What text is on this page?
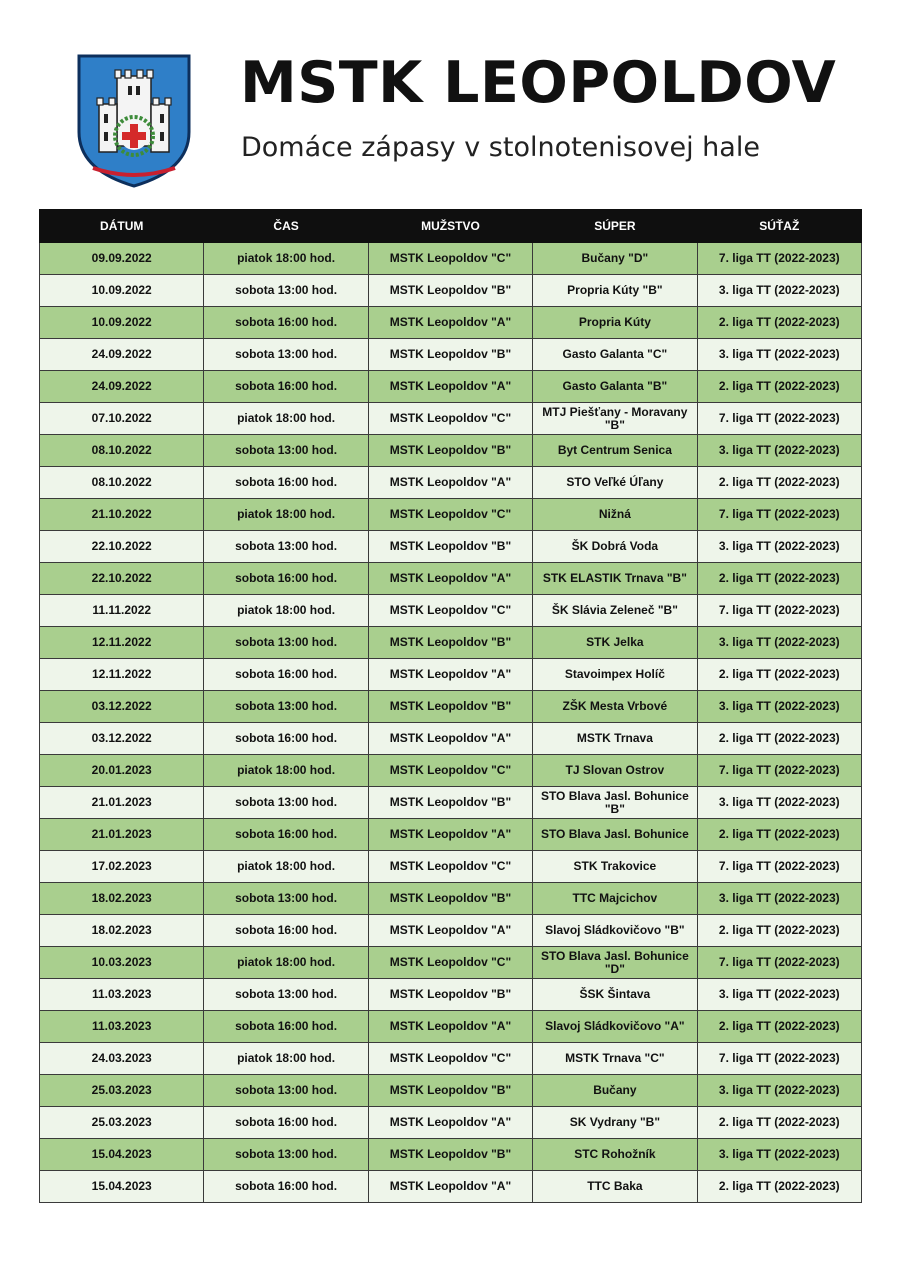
MSTK LEOPOLDOV

Domáce zápasy v stolnotenisovej hale

DÁTUM	ČAS	MUŽSTVO	SÚPER	SÚŤAŽ
09.09.2022	piatok 18:00 hod.	MSTK Leopoldov "C"	Bučany "D"	7. liga TT (2022-2023)
10.09.2022	sobota 13:00 hod.	MSTK Leopoldov "B"	Propria Kúty "B"	3. liga TT (2022-2023)
10.09.2022	sobota 16:00 hod.	MSTK Leopoldov "A"	Propria Kúty	2. liga TT (2022-2023)
24.09.2022	sobota 13:00 hod.	MSTK Leopoldov "B"	Gasto Galanta "C"	3. liga TT (2022-2023)
24.09.2022	sobota 16:00 hod.	MSTK Leopoldov "A"	Gasto Galanta "B"	2. liga TT (2022-2023)
07.10.2022	piatok 18:00 hod.	MSTK Leopoldov "C"	MTJ Piešťany - Moravany "B"	7. liga TT (2022-2023)
08.10.2022	sobota 13:00 hod.	MSTK Leopoldov "B"	Byt Centrum Senica	3. liga TT (2022-2023)
08.10.2022	sobota 16:00 hod.	MSTK Leopoldov "A"	STO Veľké Úľany	2. liga TT (2022-2023)
21.10.2022	piatok 18:00 hod.	MSTK Leopoldov "C"	Nižná	7. liga TT (2022-2023)
22.10.2022	sobota 13:00 hod.	MSTK Leopoldov "B"	ŠK Dobrá Voda	3. liga TT (2022-2023)
22.10.2022	sobota 16:00 hod.	MSTK Leopoldov "A"	STK ELASTIK Trnava "B"	2. liga TT (2022-2023)
11.11.2022	piatok 18:00 hod.	MSTK Leopoldov "C"	ŠK Slávia Zeleneč "B"	7. liga TT (2022-2023)
12.11.2022	sobota 13:00 hod.	MSTK Leopoldov "B"	STK Jelka	3. liga TT (2022-2023)
12.11.2022	sobota 16:00 hod.	MSTK Leopoldov "A"	Stavoimpex Holíč	2. liga TT (2022-2023)
03.12.2022	sobota 13:00 hod.	MSTK Leopoldov "B"	ZŠK Mesta Vrbové	3. liga TT (2022-2023)
03.12.2022	sobota 16:00 hod.	MSTK Leopoldov "A"	MSTK Trnava	2. liga TT (2022-2023)
20.01.2023	piatok 18:00 hod.	MSTK Leopoldov "C"	TJ Slovan Ostrov	7. liga TT (2022-2023)
21.01.2023	sobota 13:00 hod.	MSTK Leopoldov "B"	STO Blava Jasl. Bohunice "B"	3. liga TT (2022-2023)
21.01.2023	sobota 16:00 hod.	MSTK Leopoldov "A"	STO Blava Jasl. Bohunice	2. liga TT (2022-2023)
17.02.2023	piatok 18:00 hod.	MSTK Leopoldov "C"	STK Trakovice	7. liga TT (2022-2023)
18.02.2023	sobota 13:00 hod.	MSTK Leopoldov "B"	TTC Majcichov	3. liga TT (2022-2023)
18.02.2023	sobota 16:00 hod.	MSTK Leopoldov "A"	Slavoj Sládkovičovo "B"	2. liga TT (2022-2023)
10.03.2023	piatok 18:00 hod.	MSTK Leopoldov "C"	STO Blava Jasl. Bohunice "D"	7. liga TT (2022-2023)
11.03.2023	sobota 13:00 hod.	MSTK Leopoldov "B"	ŠSK Šintava	3. liga TT (2022-2023)
11.03.2023	sobota 16:00 hod.	MSTK Leopoldov "A"	Slavoj Sládkovičovo "A"	2. liga TT (2022-2023)
24.03.2023	piatok 18:00 hod.	MSTK Leopoldov "C"	MSTK Trnava "C"	7. liga TT (2022-2023)
25.03.2023	sobota 13:00 hod.	MSTK Leopoldov "B"	Bučany	3. liga TT (2022-2023)
25.03.2023	sobota 16:00 hod.	MSTK Leopoldov "A"	SK Vydrany "B"	2. liga TT (2022-2023)
15.04.2023	sobota 13:00 hod.	MSTK Leopoldov "B"	STC Rohožník	3. liga TT (2022-2023)
15.04.2023	sobota 16:00 hod.	MSTK Leopoldov "A"	TTC Baka	2. liga TT (2022-2023)
